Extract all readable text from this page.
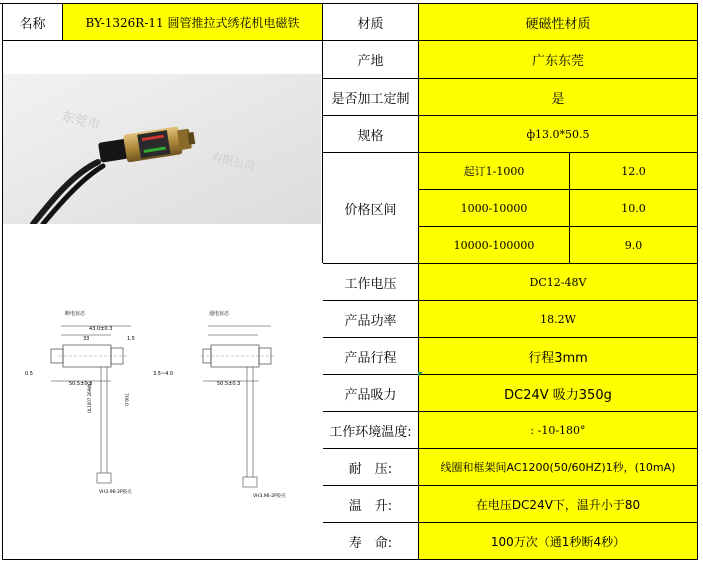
名称	BY-1326R-11 圆管推拉式绣花机电磁铁	材质	硬磁性材质
产地	广东东莞
是否加工定制	是
规格	ф13.0*50.5
价格区间
起订1-1000	12.0
1000-10000	10.0
10000-100000	9.0
东莞市
有限公司
断电状态
43.0±0.3
33	1.5
0.5
50.5±0.3
700.0
UL1007 26AWG
VH3.96-2P胶壳
通电状态
3.5~4.0
50.5±0.3
VH3.96-2P胶壳
工作电压	DC12-48V
产品功率	18.2W
产品行程	行程3mm
产品吸力	DC24V 吸力350g
工作环境温度:	: -10-180°
耐　压:	线圈和框架间AC1200(50/60HZ)1秒，(10mA)
温　升:	在电压DC24V下，温升小于80
寿　命:	100万次（通1秒断4秒）
